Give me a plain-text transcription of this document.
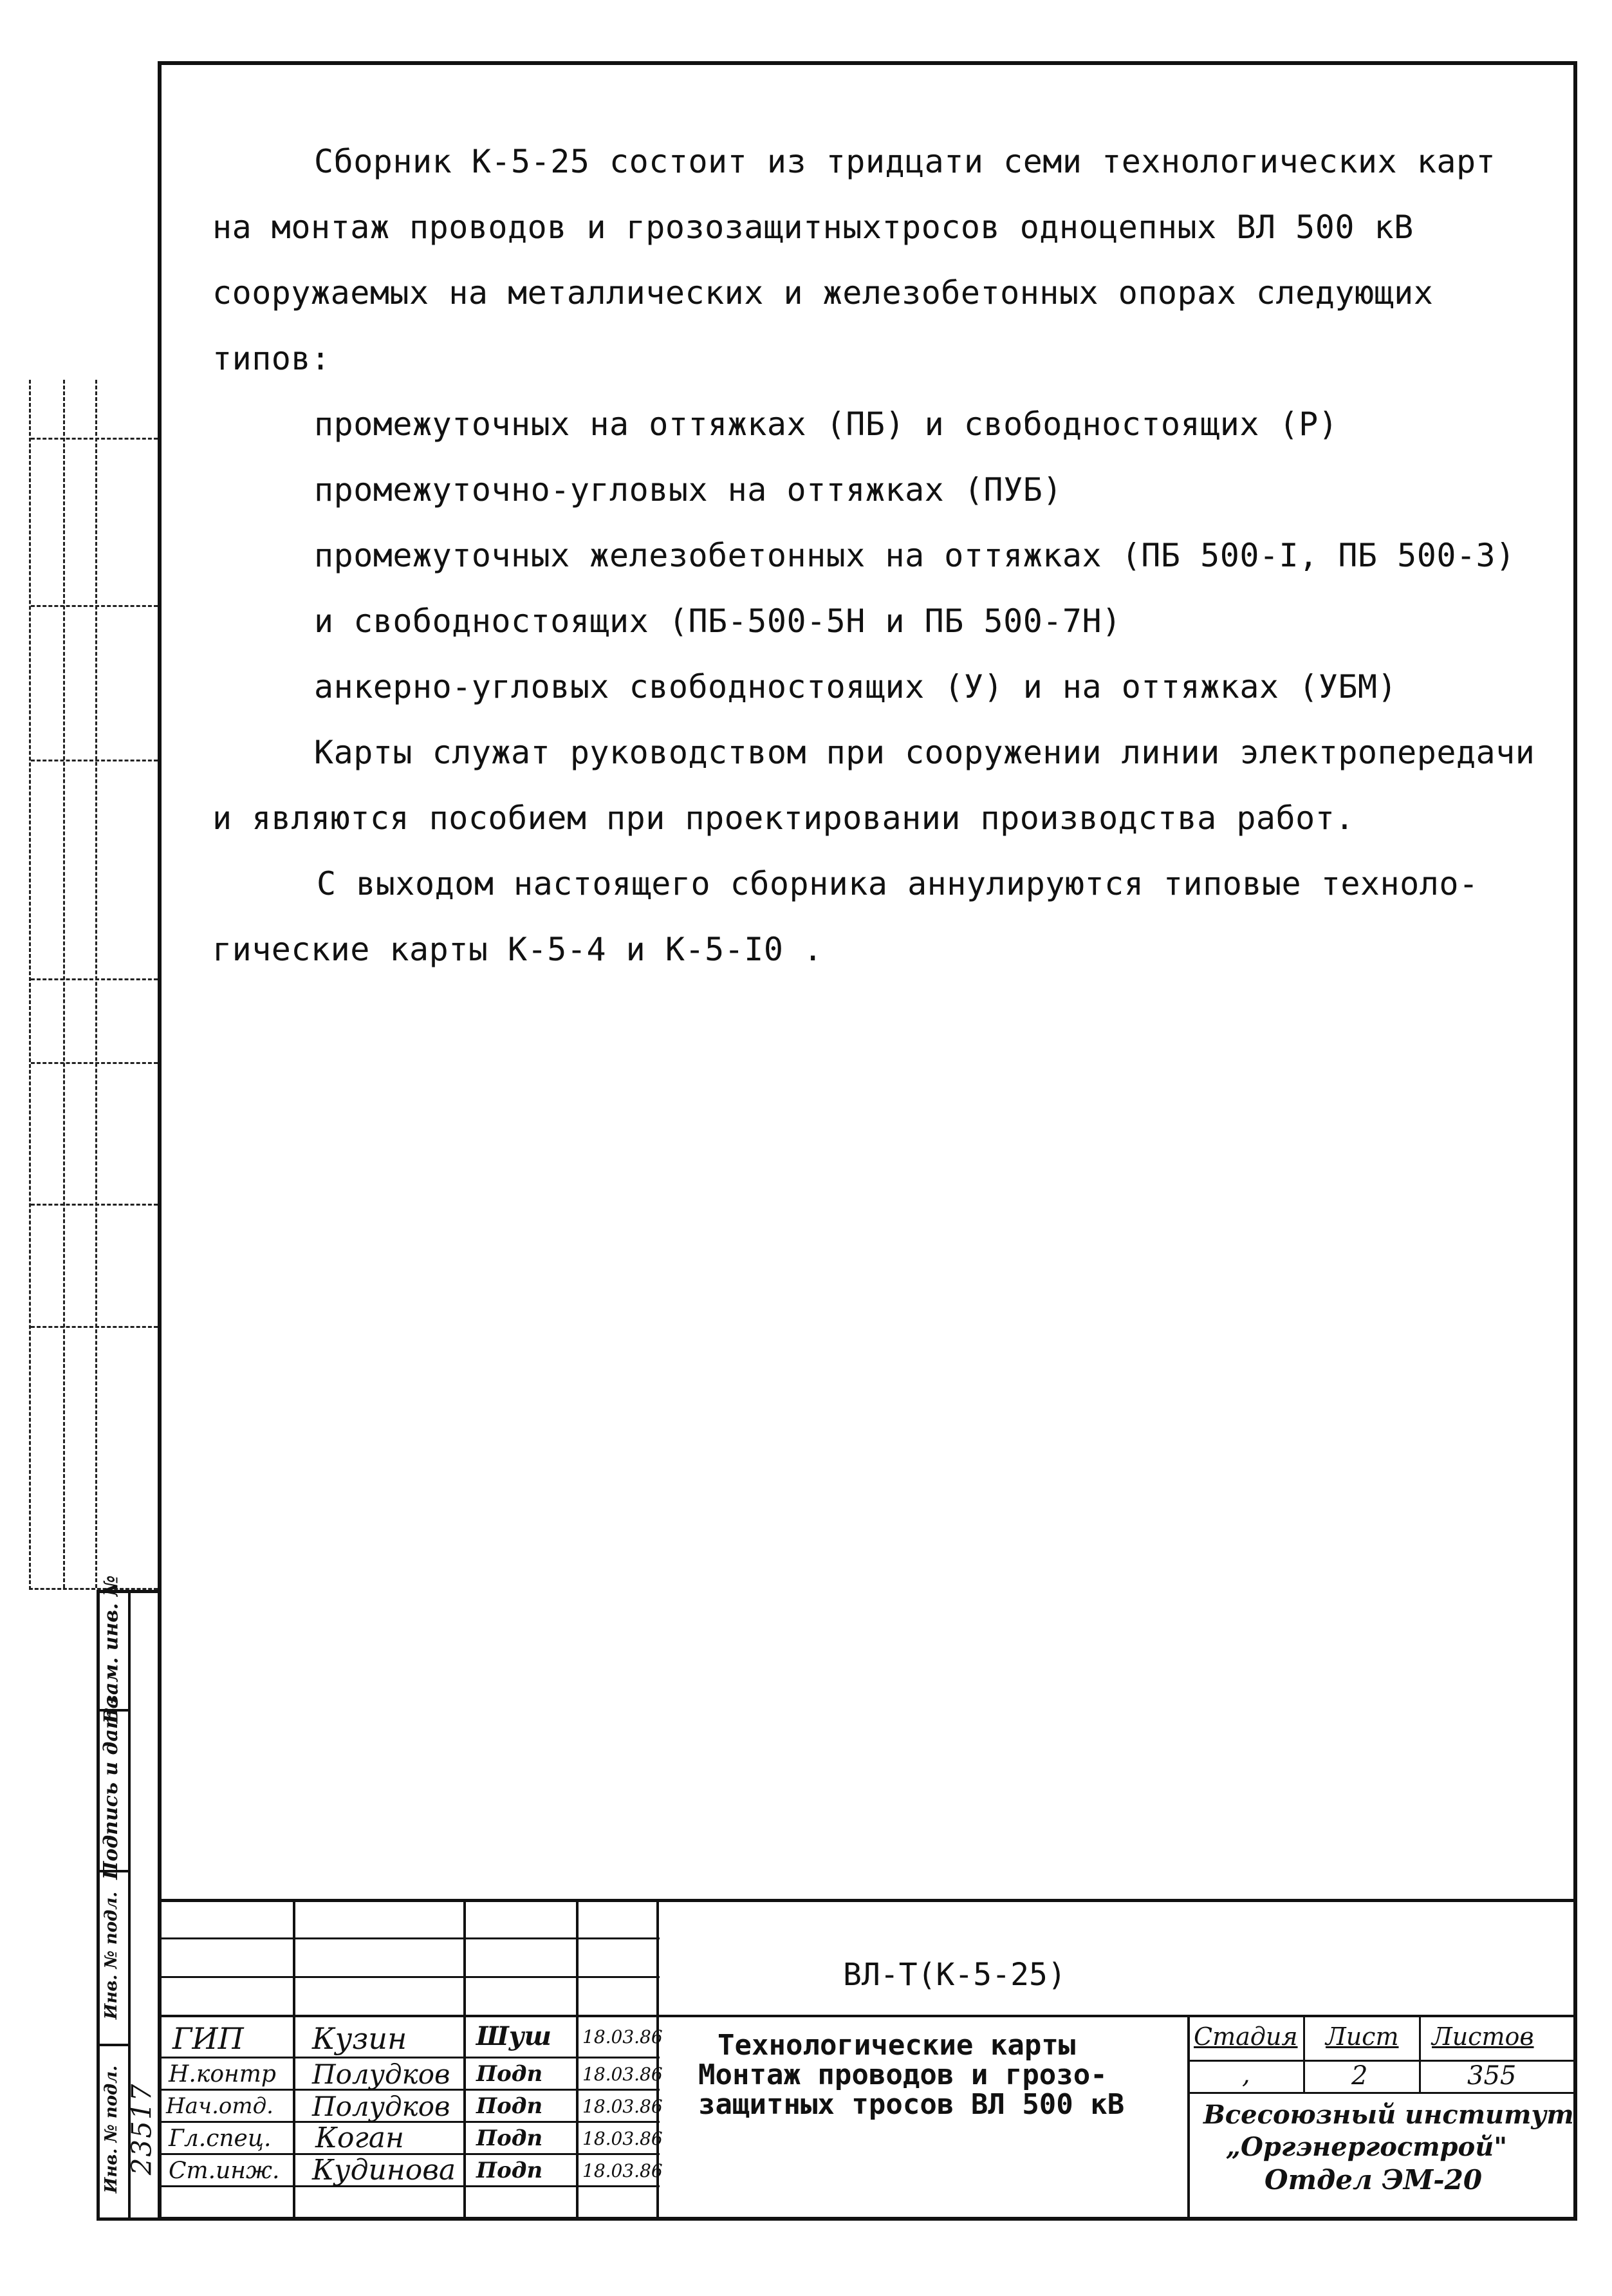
Сборник К-5-25 состоит из тридцати семи технологических карт

на монтаж проводов и грозозащитныхтросов одноцепных ВЛ 500 кВ

сооружаемых на металлических и железобетонных опорах следующих

типов:

промежуточных на оттяжках (ПБ) и свободностоящих (Р)

промежуточно-угловых на оттяжках (ПУБ)

промежуточных железобетонных на оттяжках (ПБ 500-I, ПБ 500-3)

и свободностоящих (ПБ-500-5Н и ПБ 500-7Н)

анкерно-угловых свободностоящих (У) и на оттяжках (УБМ)

Карты служат руководством при сооружении линии электропередачи

и являются пособием при проектировании производства работ.

С выходом настоящего сборника аннулируются типовые техноло-

гические карты К-5-4 и К-5-I0 .

Взам. инв. №
Подпись и дата
Инв. № подл.
Инв. № подл. 23517
ГИП Кузин	Шуш 18.03.86
Н.контр Полудков Подп 18.03.86
Нач.отд. Полудков Подп 18.03.86
Гл.спец. Коган	Подп 18.03.86
Ст.инж. Кудинова Подп 18.03.86
ВЛ-Т(К-5-25)
Технологические карты
Монтаж проводов и грозо-
защитных тросов ВЛ 500 кВ
Стадия Лист Листов
,	2	355
Всесоюзный институт
„Оргэнергострой"
Отдел ЭМ-20
